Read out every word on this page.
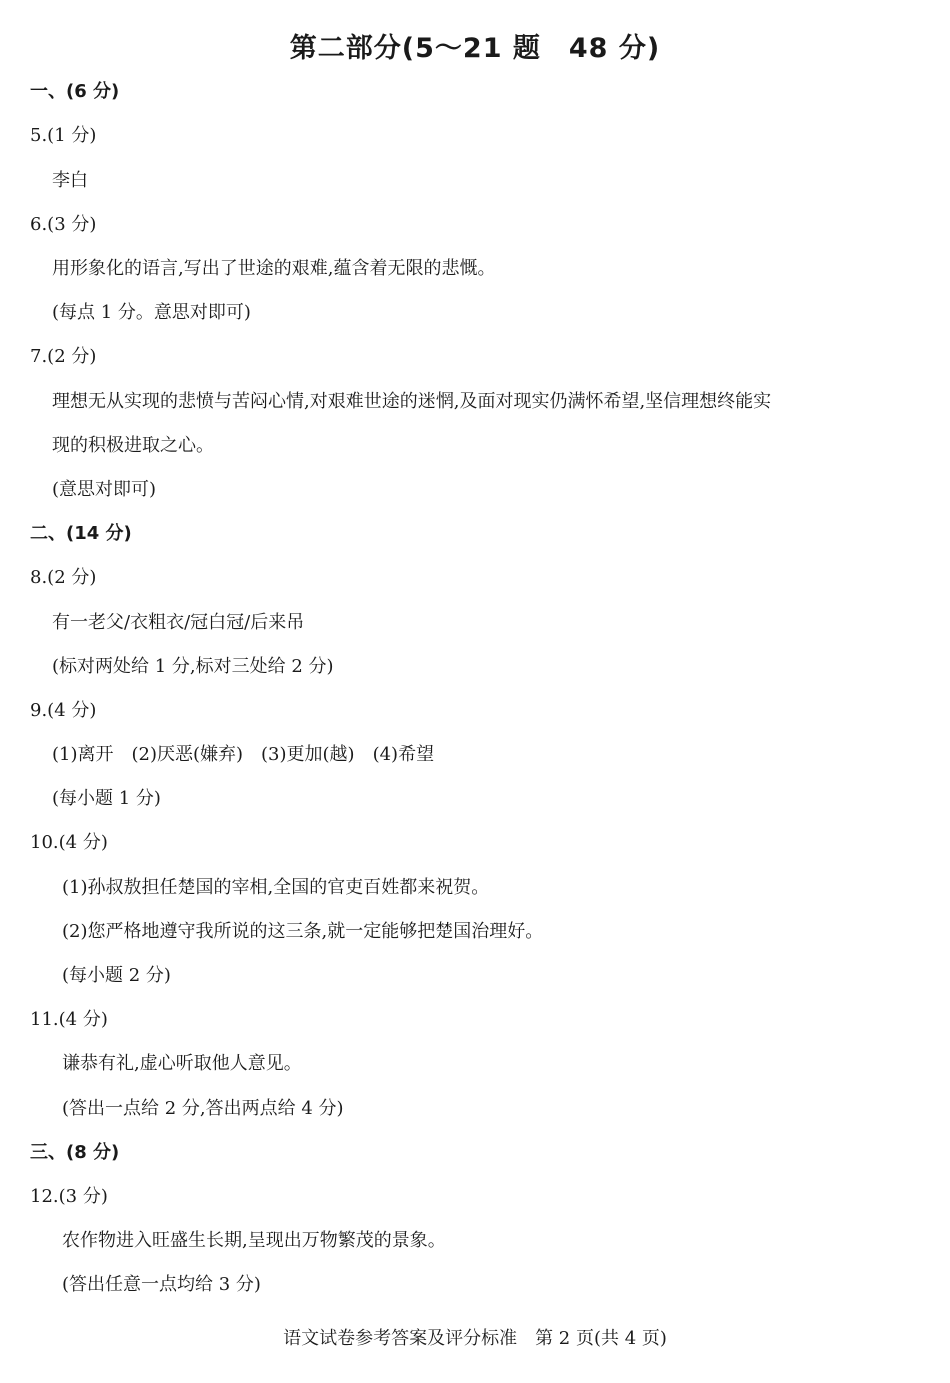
第二部分(5～21 题　48 分)
一、(6 分)
5.(1 分)
李白
6.(3 分)
用形象化的语言,写出了世途的艰难,蕴含着无限的悲慨。
(每点 1 分。意思对即可)
7.(2 分)
理想无从实现的悲愤与苦闷心情,对艰难世途的迷惘,及面对现实仍满怀希望,坚信理想终能实
现的积极进取之心。
(意思对即可)
二、(14 分)
8.(2 分)
有一老父/衣粗衣/冠白冠/后来吊
(标对两处给 1 分,标对三处给 2 分)
9.(4 分)
(1)离开　(2)厌恶(嫌弃)　(3)更加(越)　(4)希望
(每小题 1 分)
10.(4 分)
(1)孙叔敖担任楚国的宰相,全国的官吏百姓都来祝贺。
(2)您严格地遵守我所说的这三条,就一定能够把楚国治理好。
(每小题 2 分)
11.(4 分)
谦恭有礼,虚心听取他人意见。
(答出一点给 2 分,答出两点给 4 分)
三、(8 分)
12.(3 分)
农作物进入旺盛生长期,呈现出万物繁茂的景象。
(答出任意一点均给 3 分)
语文试卷参考答案及评分标准　第 2 页(共 4 页)
